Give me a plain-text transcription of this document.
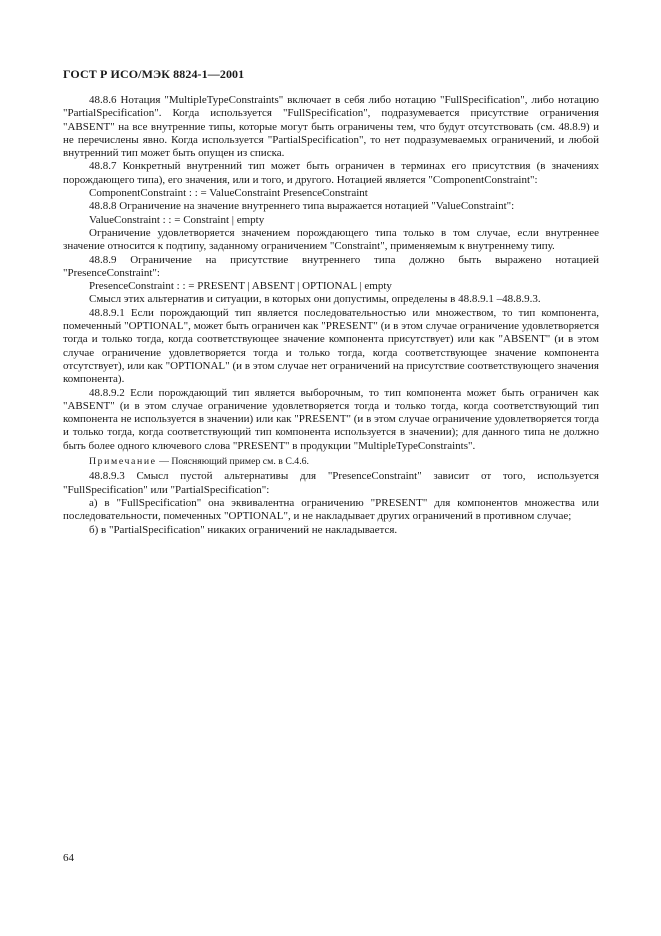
ГОСТ Р ИСО/МЭК 8824-1—2001

48.8.6 Нотация "MultipleTypeConstraints" включает в себя либо нотацию "FullSpecification", либо нотацию "PartialSpecification". Когда используется "FullSpecification", подразумевается присутствие ограничения "ABSENT" на все внутренние типы, которые могут быть ограничены тем, что будут отсутствовать (см. 48.8.9) и не перечислены явно. Когда используется "PartialSpecification", то нет подразумеваемых ограничений, и любой внутренний тип может быть опущен из списка.

48.8.7 Конкретный внутренний тип может быть ограничен в терминах его присутствия (в значениях порождающего типа), его значения, или и того, и другого. Нотацией является "ComponentConstraint":

ComponentConstraint : : = ValueConstraint PresenceConstraint

48.8.8 Ограничение на значение внутреннего типа выражается нотацией "ValueConstraint":

ValueConstraint : : = Constraint | empty

Ограничение удовлетворяется значением порождающего типа только в том случае, если внутреннее значение относится к подтипу, заданному ограничением "Constraint", применяемым к внутреннему типу.

48.8.9 Ограничение на присутствие внутреннего типа должно быть выражено нотацией "PresenceConstraint":

PresenceConstraint : : = PRESENT | ABSENT | OPTIONAL | empty

Смысл этих альтернатив и ситуации, в которых они допустимы, определены в 48.8.9.1 –48.8.9.3.

48.8.9.1 Если порождающий тип является последовательностью или множеством, то тип компонента, помеченный "OPTIONAL", может быть ограничен как "PRESENT" (и в этом случае ограничение удовлетворяется тогда и только тогда, когда соответствующее значение компонента присутствует) или как "ABSENT" (и в этом случае ограничение удовлетворяется тогда и только тогда, когда соответствующее значение компонента отсутствует), или как "OPTIONAL" (и в этом случае нет ограничений на присутствие соответствующего значения компонента).

48.8.9.2 Если порождающий тип является выборочным, то тип компонента может быть ограничен как "ABSENT" (и в этом случае ограничение удовлетворяется тогда и только тогда, когда соответствующий тип компонента не используется в значении) или как "PRESENT" (и в этом случае ограничение удовлетворяется тогда и только тогда, когда соответствующий тип компонента используется в значении); для данного типа не должно быть более одного ключевого слова "PRESENT" в продукции "MultipleTypeConstraints".

Примечание — Поясняющий пример см. в С.4.6.

48.8.9.3 Смысл пустой альтернативы для "PresenceConstraint" зависит от того, используется "FullSpecification" или "PartialSpecification":

а) в "FullSpecification" она эквивалентна ограничению "PRESENT" для компонентов множества или последовательности, помеченных "OPTIONAL", и не накладывает других ограничений в противном случае;

б) в "PartialSpecification" никаких ограничений не накладывается.

64
